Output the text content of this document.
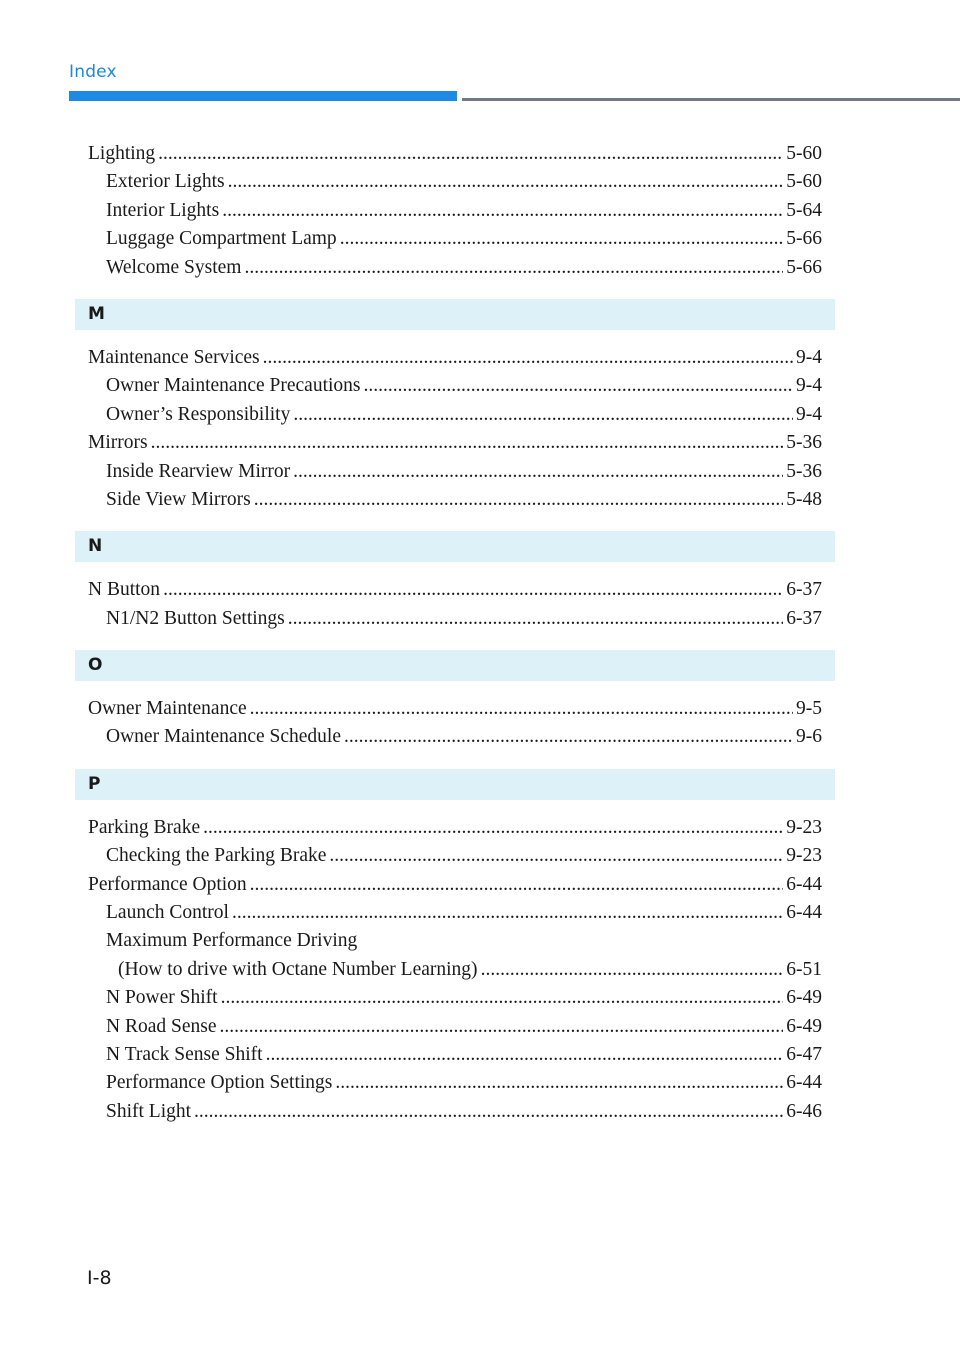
Index
Lighting .....	5-60
Exterior Lights .....	5-60
Interior Lights .....	5-64
Luggage Compartment Lamp .....	5-66
Welcome System .....	5-66
M
Maintenance Services .....	9-4
Owner Maintenance Precautions .....	9-4
Owner’s Responsibility .....	9-4
Mirrors .....	5-36
Inside Rearview Mirror .....	5-36
Side View Mirrors .....	5-48
N
N Button .....	6-37
N1/N2 Button Settings .....	6-37
O
Owner Maintenance .....	9-5
Owner Maintenance Schedule .....	9-6
P
Parking Brake .....	9-23
Checking the Parking Brake .....	9-23
Performance Option .....	6-44
Launch Control .....	6-44
Maximum Performance Driving
(How to drive with Octane Number Learning) .....	6-51
N Power Shift .....	6-49
N Road Sense .....	6-49
N Track Sense Shift .....	6-47
Performance Option Settings .....	6-44
Shift Light .....	6-46
I-8
